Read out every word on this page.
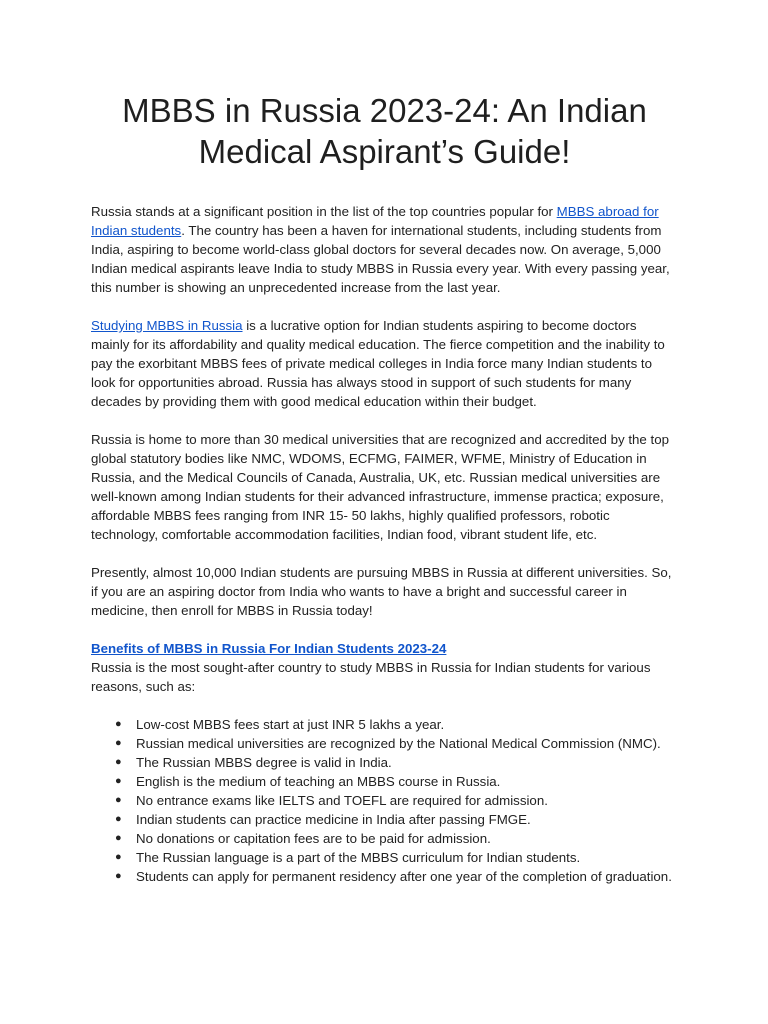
MBBS in Russia 2023-24: An Indian
Medical Aspirant’s Guide!

Russia stands at a significant position in the list of the top countries popular for MBBS abroad for Indian students. The country has been a haven for international students, including students from India, aspiring to become world-class global doctors for several decades now. On average, 5,000 Indian medical aspirants leave India to study MBBS in Russia every year. With every passing year, this number is showing an unprecedented increase from the last year.

Studying MBBS in Russia is a lucrative option for Indian students aspiring to become doctors mainly for its affordability and quality medical education. The fierce competition and the inability to pay the exorbitant MBBS fees of private medical colleges in India force many Indian students to look for opportunities abroad. Russia has always stood in support of such students for many decades by providing them with good medical education within their budget.

Russia is home to more than 30 medical universities that are recognized and accredited by the top global statutory bodies like NMC, WDOMS, ECFMG, FAIMER, WFME, Ministry of Education in Russia, and the Medical Councils of Canada, Australia, UK, etc. Russian medical universities are well-known among Indian students for their advanced infrastructure, immense practica; exposure, affordable MBBS fees ranging from INR 15- 50 lakhs, highly qualified professors, robotic technology, comfortable accommodation facilities, Indian food, vibrant student life, etc.

Presently, almost 10,000 Indian students are pursuing MBBS in Russia at different universities. So, if you are an aspiring doctor from India who wants to have a bright and successful career in medicine, then enroll for MBBS in Russia today!

Benefits of MBBS in Russia For Indian Students 2023-24

Russia is the most sought-after country to study MBBS in Russia for Indian students for various reasons, such as:

● Low-cost MBBS fees start at just INR 5 lakhs a year.
● Russian medical universities are recognized by the National Medical Commission (NMC).
● The Russian MBBS degree is valid in India.
● English is the medium of teaching an MBBS course in Russia.
● No entrance exams like IELTS and TOEFL are required for admission.
● Indian students can practice medicine in India after passing FMGE.
● No donations or capitation fees are to be paid for admission.
● The Russian language is a part of the MBBS curriculum for Indian students.
● Students can apply for permanent residency after one year of the completion of graduation.
